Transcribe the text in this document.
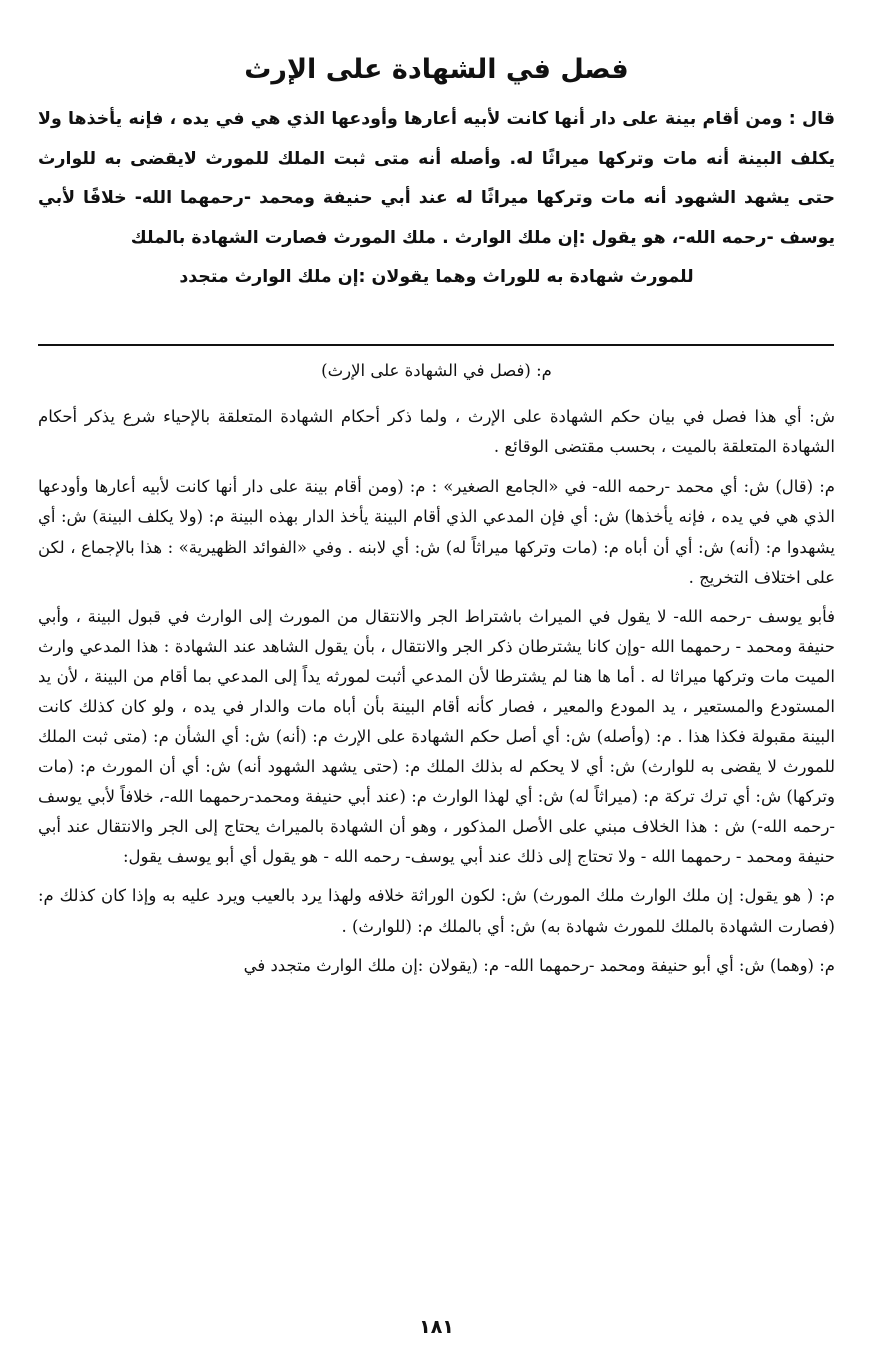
فصل في الشهادة على الإرث

قال : ومن أقام بينة على دار أنها كانت لأبيه أعارها وأودعها الذي هي في يده ، فإنه يأخذها ولا يكلف البينة أنه مات وتركها ميراثًا له. وأصله أنه متى ثبت الملك للمورث لايقضى به للوارث حتى يشهد الشهود أنه مات وتركها ميراثًا له عند أبي حنيفة ومحمد -رحمهما الله- خلافًا لأبي يوسف -رحمه الله-، هو يقول :إن ملك الوارث . ملك المورث فصارت الشهادة بالملك

للمورث شهادة به للوراث وهما يقولان :إن ملك الوارث متجدد

م: (فصل في الشهادة على الإرث)

ش: أي هذا فصل في بيان حكم الشهادة على الإرث ، ولما ذكر أحكام الشهادة المتعلقة بالإحياء شرع يذكر أحكام الشهادة المتعلقة بالميت ، بحسب مقتضى الوقائع .

م: (قال) ش: أي محمد -رحمه الله- في «الجامع الصغير» : م: (ومن أقام بينة على دار أنها كانت لأبيه أعارها وأودعها الذي هي في يده ، فإنه يأخذها) ش: أي فإن المدعي الذي أقام البينة يأخذ الدار بهذه البينة م: (ولا يكلف البينة) ش: أي يشهدوا م: (أنه) ش: أي أن أباه م: (مات وتركها ميراثاً له) ش: أي لابنه . وفي «الفوائد الظهيرية» : هذا بالإجماع ، لكن على اختلاف التخريج .

فأبو يوسف -رحمه الله- لا يقول في الميراث باشتراط الجر والانتقال من المورث إلى الوارث في قبول البينة ، وأبي حنيفة ومحمد - رحمهما الله -وإن كانا يشترطان ذكر الجر والانتقال ، بأن يقول الشاهد عند الشهادة : هذا المدعي وارث الميت مات وتركها ميراثا له . أما ها هنا لم يشترطا لأن المدعي أثبت لمورثه يداً إلى المدعي بما أقام من البينة ، لأن يد المستودع والمستعير ، يد المودع والمعير ، فصار كأنه أقام البينة بأن أباه مات والدار في يده ، ولو كان كذلك كانت البينة مقبولة فكذا هذا . م: (وأصله) ش: أي أصل حكم الشهادة على الإرث م: (أنه) ش: أي الشأن م: (متى ثبت الملك للمورث لا يقضى به للوارث) ش: أي لا يحكم له بذلك الملك م: (حتى يشهد الشهود أنه) ش: أي أن المورث م: (مات وتركها) ش: أي ترك تركة م: (ميراثاً له) ش: أي لهذا الوارث م: (عند أبي حنيفة ومحمد-رحمهما الله-، خلافاً لأبي يوسف -رحمه الله-) ش : هذا الخلاف مبني على الأصل المذكور ، وهو أن الشهادة بالميراث يحتاج إلى الجر والانتقال عند أبي حنيفة ومحمد - رحمهما الله - ولا تحتاج إلى ذلك عند أبي يوسف- رحمه الله - هو يقول أي أبو يوسف يقول:

م: ( هو يقول: إن ملك الوارث ملك المورث) ش: لكون الوراثة خلافه ولهذا يرد بالعيب ويرد عليه به وإذا كان كذلك م: (فصارت الشهادة بالملك للمورث شهادة به) ش: أي بالملك م: (للوارث) .

م: (وهما) ش: أي أبو حنيفة ومحمد -رحمهما الله- م: (يقولان :إن ملك الوارث متجدد في

١٨١
